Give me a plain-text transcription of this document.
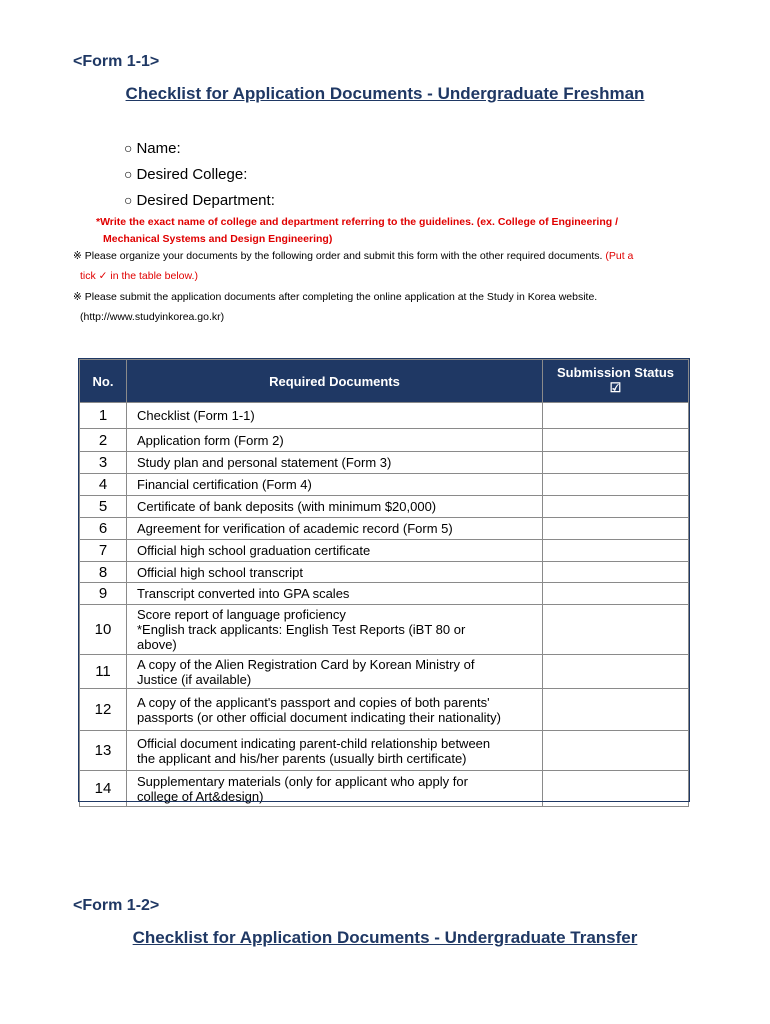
<Form 1-1>
Checklist for Application Documents - Undergraduate Freshman
○ Name:
○ Desired College:
○ Desired Department:
*Write the exact name of college and department referring to the guidelines. (ex. College of Engineering /
Mechanical Systems and Design Engineering)
※ Please organize your documents by the following order and submit this form with the other required documents. (Put a
tick ✓ in the table below.)
※ Please submit the application documents after completing the online application at the Study in Korea website.
(http://www.studyinkorea.go.kr)
No.	Required Documents	Submission Status
☑

1	Checklist (Form 1-1)	
2	Application form (Form 2)	
3	Study plan and personal statement (Form 3)	
4	Financial certification (Form 4)	
5	Certificate of bank deposits (with minimum $20,000)	
6	Agreement for verification of academic record (Form 5)	
7	Official high school graduation certificate	
8	Official high school transcript	
9	Transcript converted into GPA scales	
10	Score report of language proficiency
*English track applicants: English Test Reports (iBT 80 or
above)	

11	A copy of the Alien Registration Card by Korean Ministry of
Justice (if available)	

12	A copy of the applicant's passport and copies of both parents'
passports (or other official document indicating their nationality)	

13	Official document indicating parent-child relationship between
the applicant and his/her parents (usually birth certificate)	

14	Supplementary materials (only for applicant who apply for
college of Art&design)	

<Form 1-2>
Checklist for Application Documents - Undergraduate Transfer
